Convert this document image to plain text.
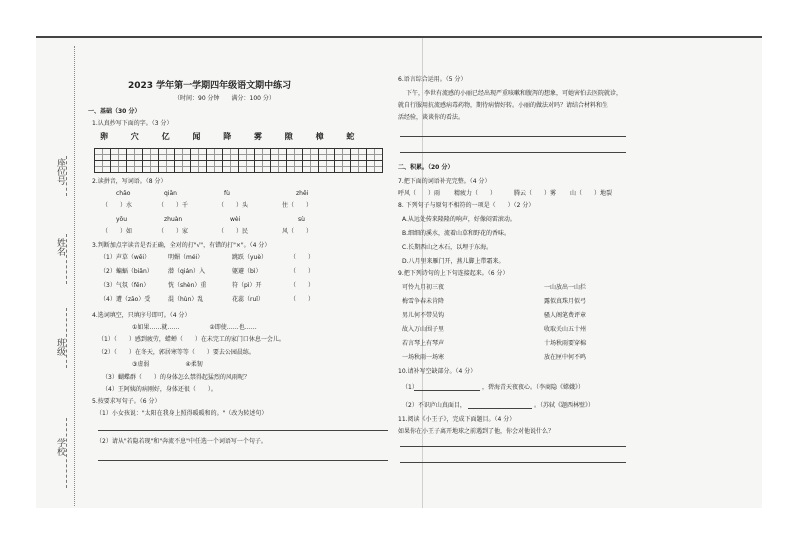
座位号
姓名
班级
学校
2023 学年第一学期四年级语文期中练习
（时间：90 分钟　　满分：100 分）
一、基础（30 分）
1.认真抄写下面的字。（3 分）
卵　　	穴　　	亿　　	闻　　	降　　	雾　　	隙　　	樟　　	蛇
2.读拼音，写词语。（8 分）
chāo	qiān	fù	zhēi
（　　）水	（　　）千	（　　）头	住（　　）
yōu	zhuàn	wèi	sù
（　　）如	（　　）家	（　　）民	风（　　）
3.判断加点字读音是否正确，全对的打"√"，有错的打"×"。（4 分）
（1）声草（wēi）	明媚（méi）	跳跃（yuè）	（　　）
（2）蝙蝠（biǎn）	潜（qián）入	躯避（bì）	（　　）
（3）气氛（fēn）	恍（shèn）重	符（pì）开	（　　）
（4）遭（zāo）受	混（hùn）乱	花蕊（ruǐ）	（　　）
4.选词填空，只填序号即可。（4 分）
①如果……就……　　　　　②即使……也……
（1）（　　）感到疲劳，蜡蝉（　　）在未完工的家门口休息一会儿。
（2）（　　）在冬天，郭居寒等等（　　）要去公园晨练。
③虚弱　　　　　　④柔韧
（3）蝴蝶群（　　）的身体怎么禁得起猛烈的风雨呢？
（4）王阿姨的病刚好，身体还很（　　）。
5.按要求写句子。（6 分）
（1）小女孩说："太阳在我身上照得暖暖和的。"（改为转述句）
（2）请从"若隐若现"和"奔流不息"中任选一个词语写一个句子。
6.语言综合运用。（5 分）
下午，李世有流感的小丽已经出现严重咳嗽和腹泻的想象，可她害怕去医院就诊，
就自行服用抗流感病毒药物，期待病情好转。小丽的做法对吗？请结合材料和生
活经验，谈谈你的看法。
二、积累。（20 分）
7.把下面的词语补充完整。（4 分）
呼风（　　）雨 精疲力（　　）	腾云（　　）雾 山（　　）地裂
8. 下列句子与原句不相符的一项是（　　）（2 分）
A.从远处传来隆隆的响声，好像闷雷滚动。
B.细细的溪水，流着山草和野花的香味。
C.长期西山之木石，以埋于东海。
D.八月里来雁门开，燕儿脚上带霜来。
9.把下列诗句的上下句连接起来。（6 分）
可怜九月初三夜
梅雪争春未肯降
男儿何不带吴钩
故入万山围子里
若言琴上有琴声
一场秋雨一场寒
一山放出一山拦
露似真珠月似弓
骚人阁笔费评章
收取关山五十州
十场秋雨要穿棉
放在匣中何不鸣
10.请补写空缺部分。（4 分）
（1）	，碧海青天夜夜心。（李商隐《嫦娥》）
（2）不识庐山真面目，	。（苏轼《题西林壁》）
11.阅读《小王子》，完成下面题目。（4 分）
如果你在小王子离开地球之前遇到了他，你会对他说什么？
